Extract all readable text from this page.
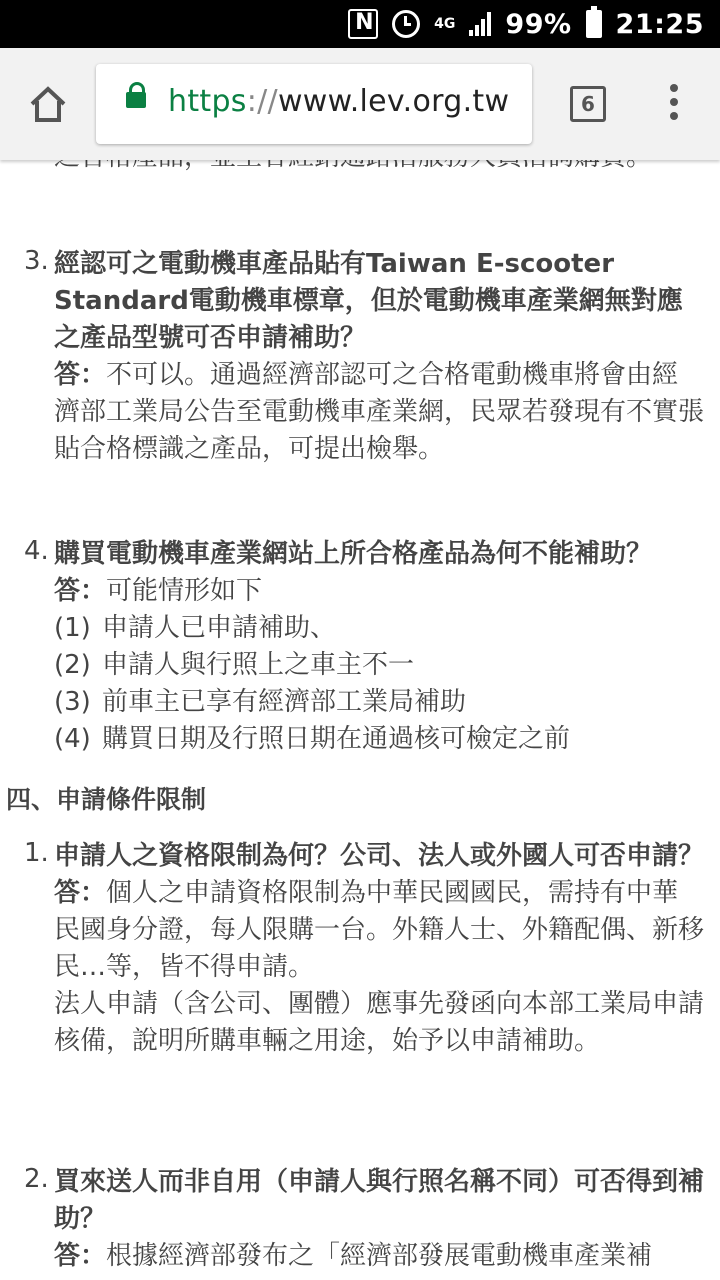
N
4G 99% 21:25
https://www.lev.org.tw	6
3. 經認可之電動機車產品貼有Taiwan E-scooter Standard電動機車標章，但於電動機車產業網無對應之產品型號可否申請補助？
答：不可以。通過經濟部認可之合格電動機車將會由經濟部工業局公告至電動機車產業網，民眾若發現有不實張貼合格標識之產品，可提出檢舉。
4. 購買電動機車產業網站上所合格產品為何不能補助？
答：可能情形如下
(1) 申請人已申請補助、
(2) 申請人與行照上之車主不一
(3) 前車主已享有經濟部工業局補助
(4) 購買日期及行照日期在通過核可檢定之前
四、申請條件限制
1. 申請人之資格限制為何？公司、法人或外國人可否申請？
答：個人之申請資格限制為中華民國國民，需持有中華民國身分證，每人限購一台。外籍人士、外籍配偶、新移民…等，皆不得申請。
法人申請（含公司、團體）應事先發函向本部工業局申請核備，說明所購車輛之用途，始予以申請補助。
2. 買來送人而非自用（申請人與行照名稱不同）可否得到補助？
答：根據經濟部發布之「經濟部發展電動機車產業補
